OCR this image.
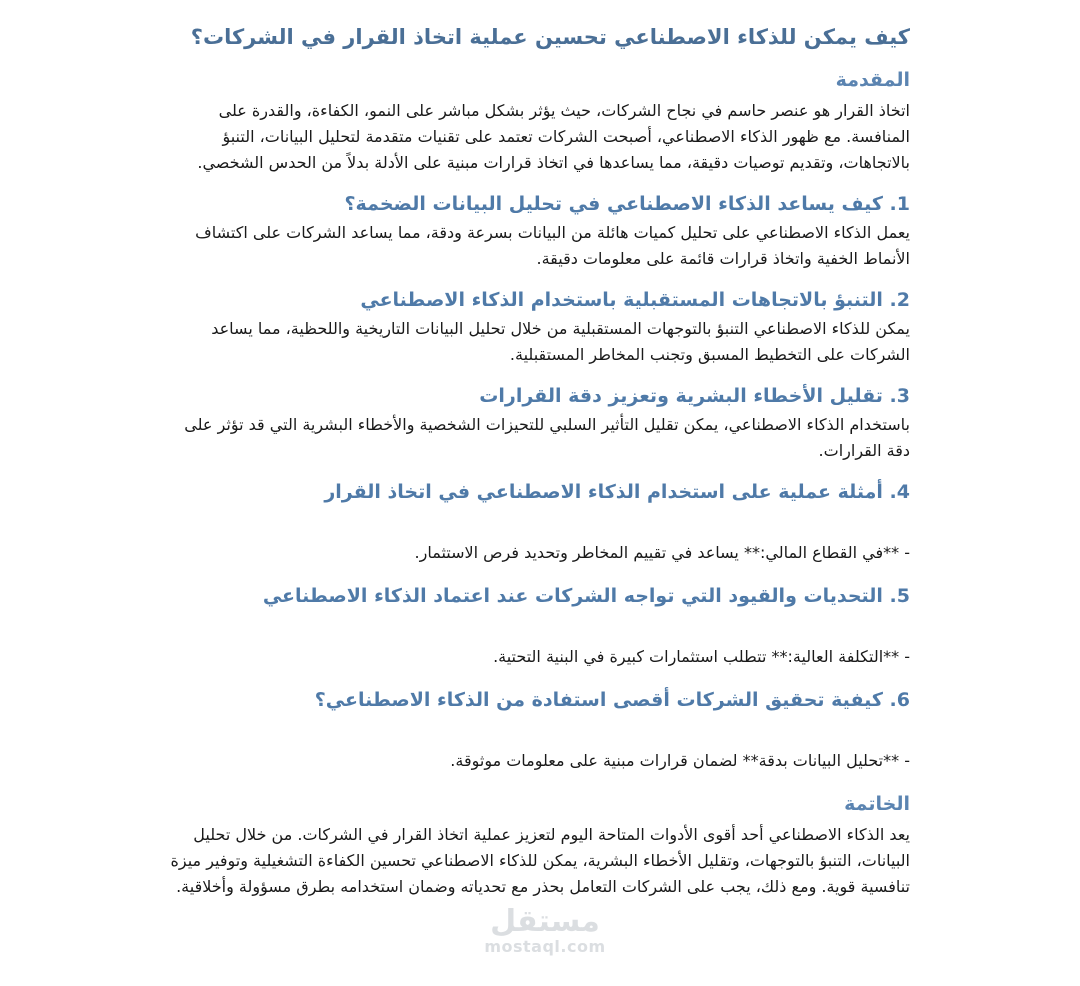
كيف يمكن للذكاء الاصطناعي تحسين عملية اتخاذ القرار في الشركات؟
المقدمة

اتخاذ القرار هو عنصر حاسم في نجاح الشركات، حيث يؤثر بشكل مباشر على النمو، الكفاءة، والقدرة على المنافسة. مع ظهور الذكاء الاصطناعي، أصبحت الشركات تعتمد على تقنيات متقدمة لتحليل البيانات، التنبؤ بالاتجاهات، وتقديم توصيات دقيقة، مما يساعدها في اتخاذ قرارات مبنية على الأدلة بدلاً من الحدس الشخصي.

1. كيف يساعد الذكاء الاصطناعي في تحليل البيانات الضخمة؟

يعمل الذكاء الاصطناعي على تحليل كميات هائلة من البيانات بسرعة ودقة، مما يساعد الشركات على اكتشاف الأنماط الخفية واتخاذ قرارات قائمة على معلومات دقيقة.

2. التنبؤ بالاتجاهات المستقبلية باستخدام الذكاء الاصطناعي

يمكن للذكاء الاصطناعي التنبؤ بالتوجهات المستقبلية من خلال تحليل البيانات التاريخية واللحظية، مما يساعد الشركات على التخطيط المسبق وتجنب المخاطر المستقبلية.

3. تقليل الأخطاء البشرية وتعزيز دقة القرارات

باستخدام الذكاء الاصطناعي، يمكن تقليل التأثير السلبي للتحيزات الشخصية والأخطاء البشرية التي قد تؤثر على دقة القرارات.

4. أمثلة عملية على استخدام الذكاء الاصطناعي في اتخاذ القرار

- **في القطاع المالي:** يساعد في تقييم المخاطر وتحديد فرص الاستثمار.

5. التحديات والقيود التي تواجه الشركات عند اعتماد الذكاء الاصطناعي

- **التكلفة العالية:** تتطلب استثمارات كبيرة في البنية التحتية.

6. كيفية تحقيق الشركات أقصى استفادة من الذكاء الاصطناعي؟

- **تحليل البيانات بدقة** لضمان قرارات مبنية على معلومات موثوقة.

الخاتمة

يعد الذكاء الاصطناعي أحد أقوى الأدوات المتاحة اليوم لتعزيز عملية اتخاذ القرار في الشركات. من خلال تحليل البيانات، التنبؤ بالتوجهات، وتقليل الأخطاء البشرية، يمكن للذكاء الاصطناعي تحسين الكفاءة التشغيلية وتوفير ميزة تنافسية قوية. ومع ذلك، يجب على الشركات التعامل بحذر مع تحدياته وضمان استخدامه بطرق مسؤولة وأخلاقية.

مستقل
mostaql.com
